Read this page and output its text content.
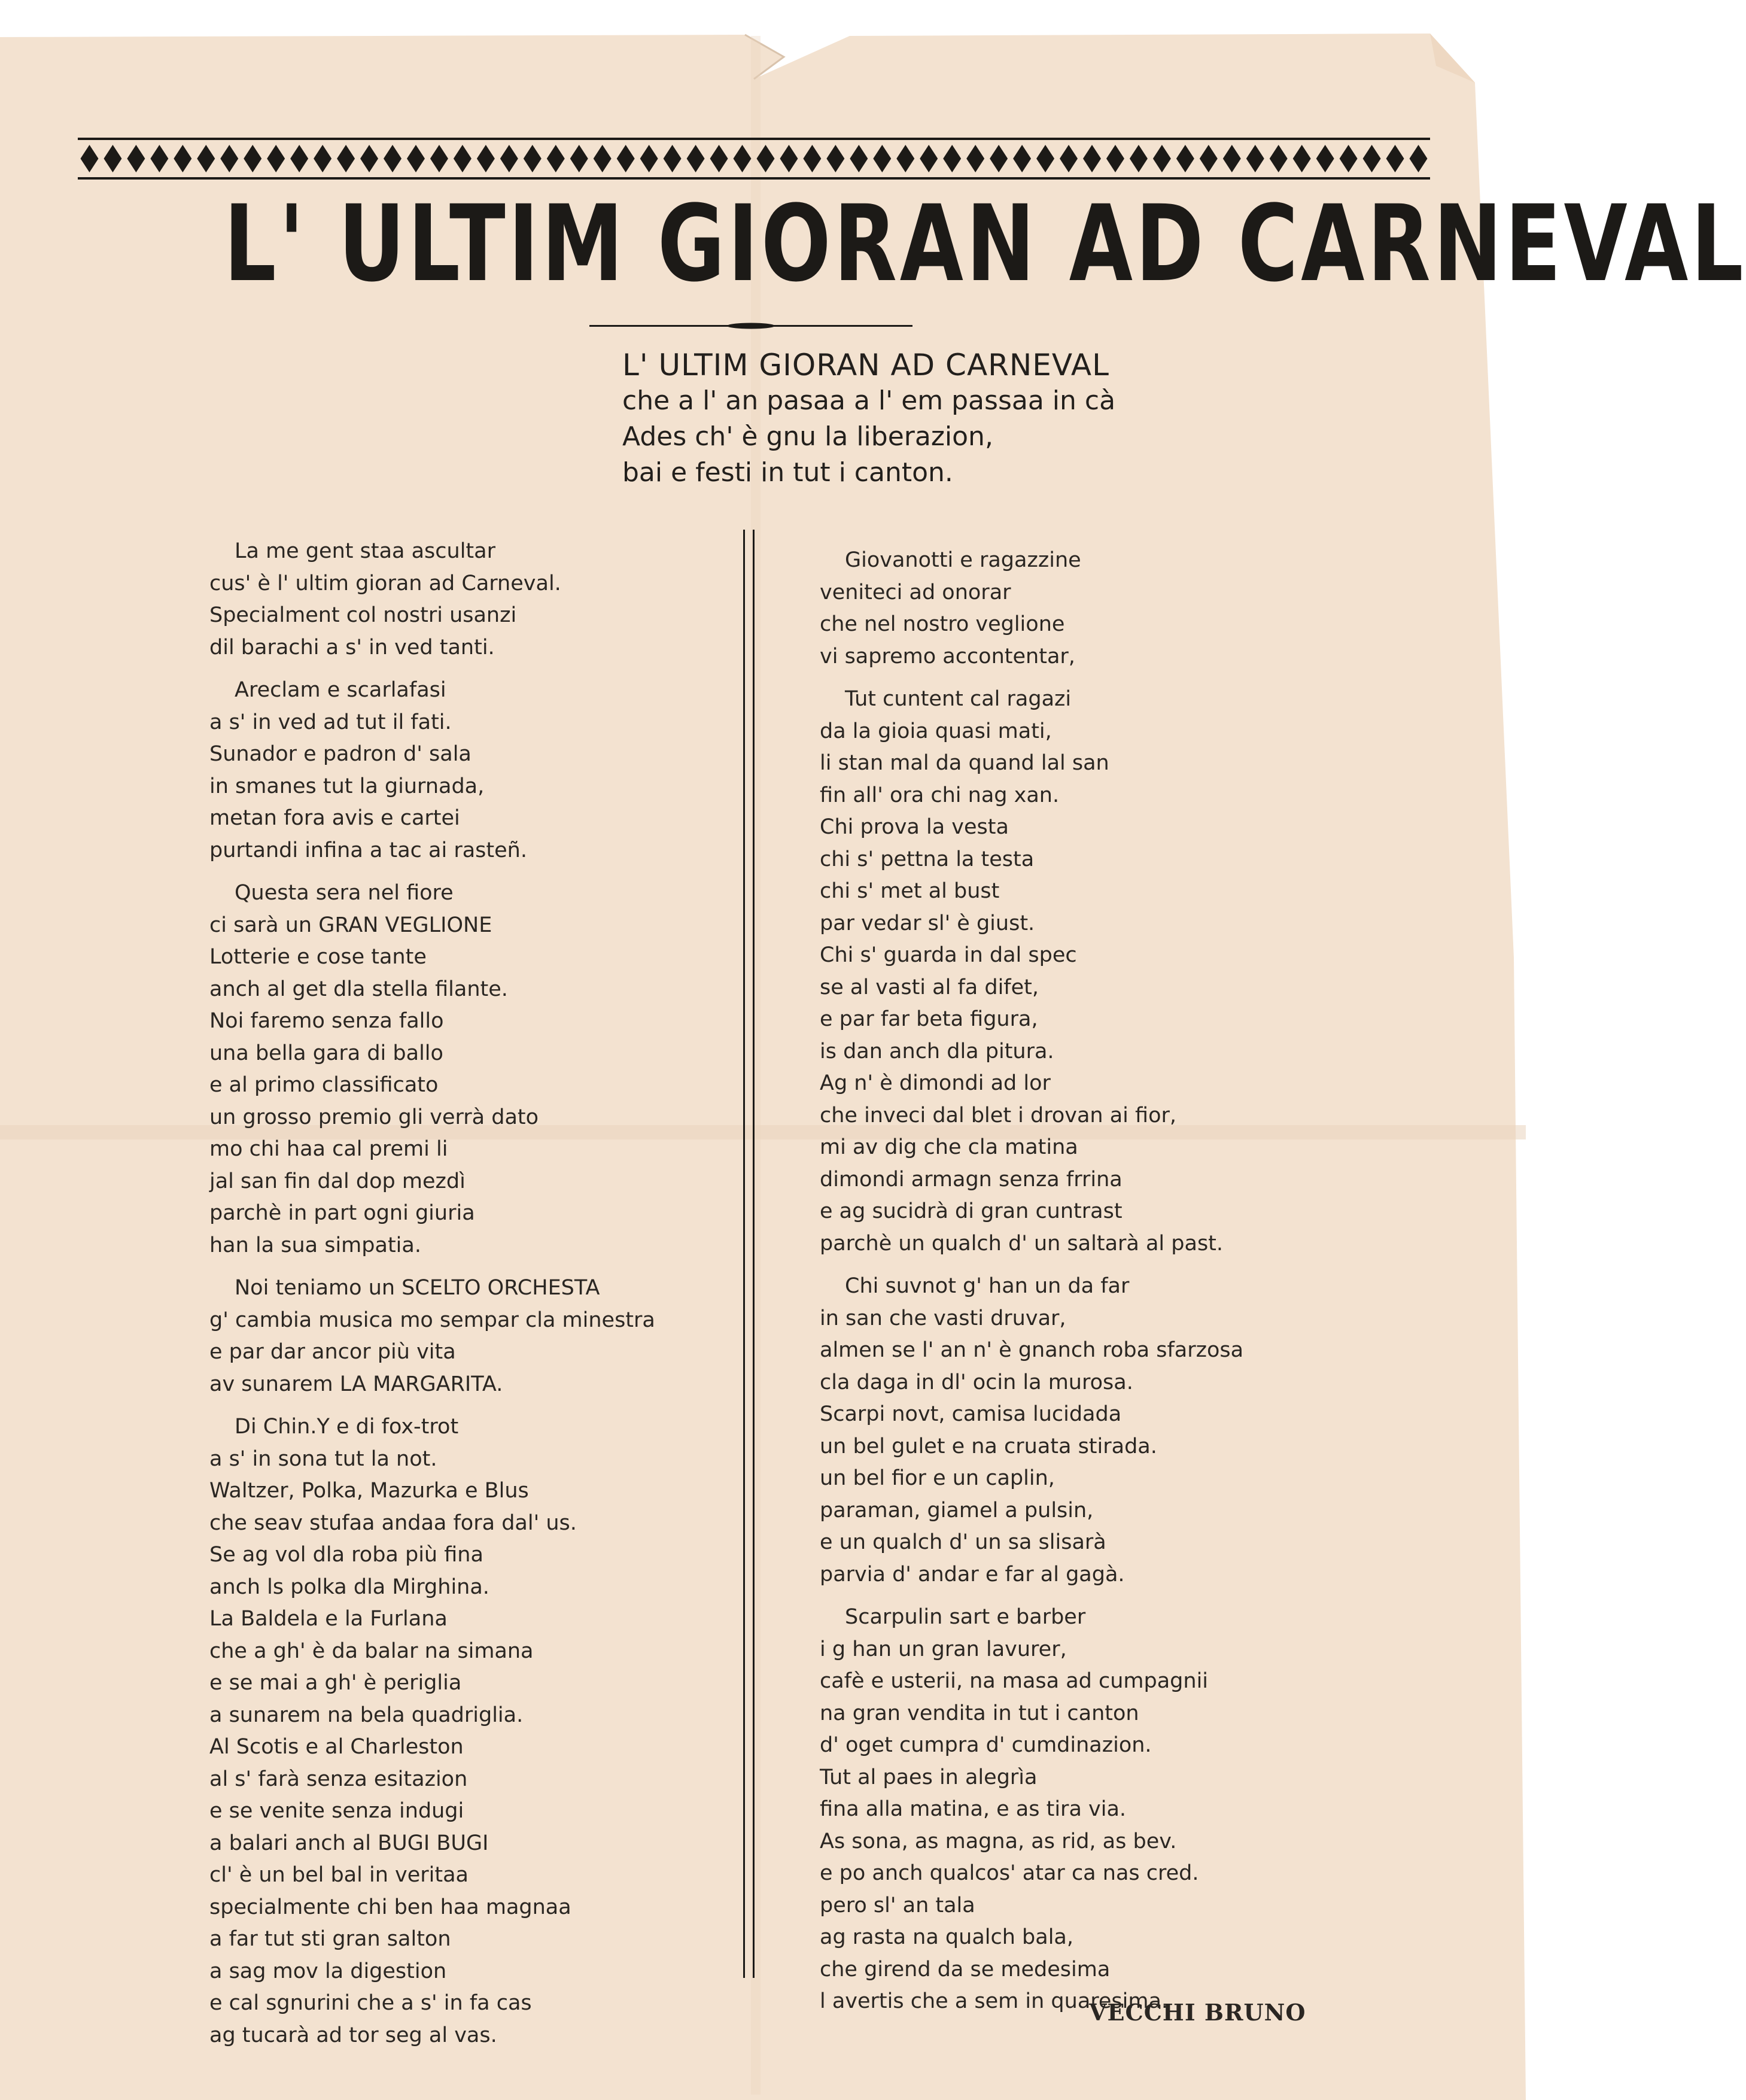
L' ULTIM GIORAN AD CARNEVAL
L' ULTIM GIORAN AD CARNEVAL
che a l' an pasaa a l' em passaa in cà
Ades ch' è gnu la liberazion,
bai e festi in tut i canton.
La me gent staa ascultar
cus' è l' ultim gioran ad Carneval.
Specialment col nostri usanzi
dil barachi a s' in ved tanti.
Areclam e scarlafasi
a s' in ved ad tut il fati.
Sunador e padron d' sala
in smanes tut la giurnada,
metan fora avis e cartei
purtandi infina a tac ai rasteñ.
Questa sera nel fiore
ci sarà un GRAN VEGLIONE
Lotterie e cose tante
anch al get dla stella filante.
Noi faremo senza fallo
una bella gara di ballo
e al primo classificato
un grosso premio gli verrà dato
mo chi haa cal premi li
jal san fin dal dop mezdì
parchè in part ogni giuria
han la sua simpatia.
Noi teniamo un SCELTO ORCHESTA
g' cambia musica mo sempar cla minestra
e par dar ancor più vita
av sunarem LA MARGARITA.
Di Chin.Y e di fox-trot
a s' in sona tut la not.
Waltzer, Polka, Mazurka e Blus
che seav stufaa andaa fora dal' us.
Se ag vol dla roba più fina
anch ls polka dla Mirghina.
La Baldela e la Furlana
che a gh' è da balar na simana
e se mai a gh' è periglia
a sunarem na bela quadriglia.
Al Scotis e al Charleston
al s' farà senza esitazion
e se venite senza indugi
a balari anch al BUGI BUGI
cl' è un bel bal in veritaa
specialmente chi ben haa magnaa
a far tut sti gran salton
a sag mov la digestion
e cal sgnurini che a s' in fa cas
ag tucarà ad tor seg al vas.
Giovanotti e ragazzine
veniteci ad onorar
che nel nostro veglione
vi sapremo accontentar,
Tut cuntent cal ragazi
da la gioia quasi mati,
li stan mal da quand lal san
fin all' ora chi nag xan.
Chi prova la vesta
chi s' pettna la testa
chi s' met al bust
par vedar sl' è giust.
Chi s' guarda in dal spec
se al vasti al fa difet,
e par far beta figura,
is dan anch dla pitura.
Ag n' è dimondi ad lor
che inveci dal blet i drovan ai fior,
mi av dig che cla matina
dimondi armagn senza frrina
e ag sucidrà di gran cuntrast
parchè un qualch d' un saltarà al past.
Chi suvnot g' han un da far
in san che vasti druvar,
almen se l' an n' è gnanch roba sfarzosa
cla daga in dl' ocin la murosa.
Scarpi novt, camisa lucidada
un bel gulet e na cruata stirada.
un bel fior e un caplin,
paraman, giamel a pulsin,
e un qualch d' un sa slisarà
parvia d' andar e far al gagà.
Scarpulin sart e barber
i g han un gran lavurer,
cafè e usterii, na masa ad cumpagnii
na gran vendita in tut i canton
d' oget cumpra d' cumdinazion.
Tut al paes in alegrìa
fina alla matina, e as tira via.
As sona, as magna, as rid, as bev.
e po anch qualcos' atar ca nas cred.
pero sl' an tala
ag rasta na qualch bala,
che girend da se medesima
l avertis che a sem in quaresima.
VECCHI BRUNO
